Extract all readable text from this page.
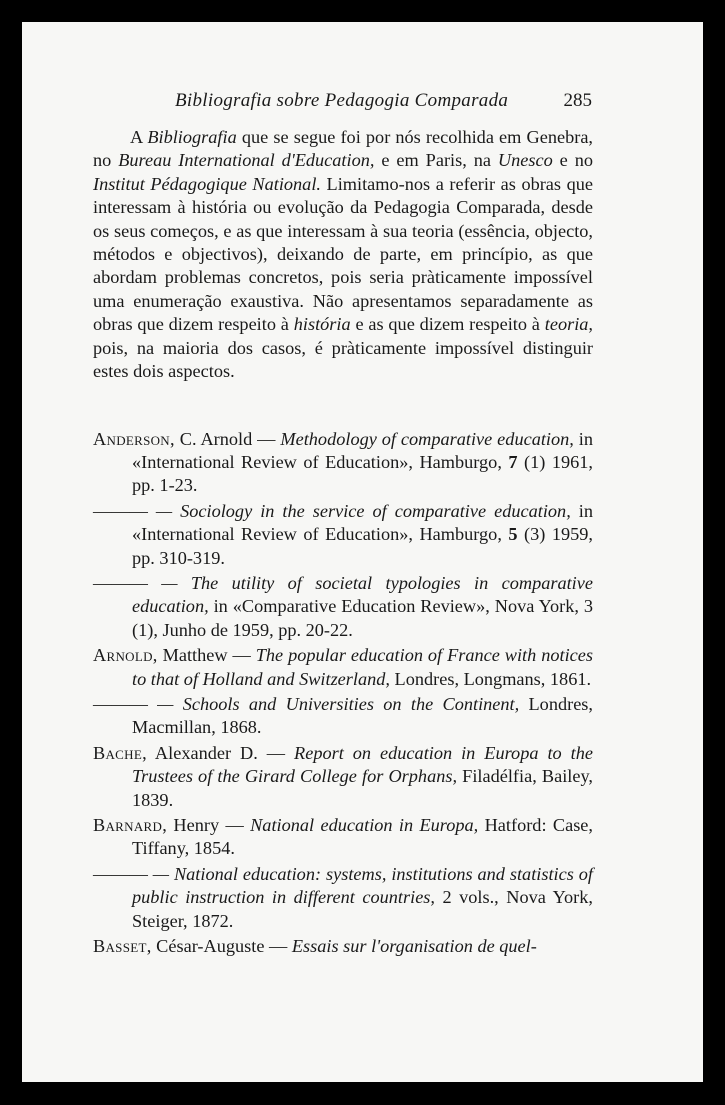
Bibliografia sobre Pedagogia Comparada	285

A Bibliografia que se segue foi por nós recolhida em Genebra, no Bureau International d'Education, e em Paris, na Unesco e no Institut Pédagogique National. Limitamo-nos a referir as obras que interessam à história ou evolução da Pedagogia Comparada, desde os seus começos, e as que interessam à sua teoria (essência, objecto, métodos e objectivos), deixando de parte, em princípio, as que abordam problemas concretos, pois seria pràticamente impossível uma enumeração exaustiva. Não apresentamos separadamente as obras que dizem respeito à história e as que dizem respeito à teoria, pois, na maioria dos casos, é pràticamente impossível distinguir estes dois aspectos.

Anderson, C. Arnold — Methodology of comparative education, in «International Review of Education», Hamburgo, 7 (1) 1961, pp. 1-23.

——— — Sociology in the service of comparative education, in «International Review of Education», Hamburgo, 5 (3) 1959, pp. 310-319.

——— — The utility of societal typologies in comparative education, in «Comparative Education Review», Nova York, 3 (1), Junho de 1959, pp. 20-22.

Arnold, Matthew — The popular education of France with notices to that of Holland and Switzerland, Londres, Longmans, 1861.

——— — Schools and Universities on the Continent, Londres, Macmillan, 1868.

Bache, Alexander D. — Report on education in Europa to the Trustees of the Girard College for Orphans, Filadélfia, Bailey, 1839.

Barnard, Henry — National education in Europa, Hatford: Case, Tiffany, 1854.

——— — National education: systems, institutions and statistics of public instruction in different countries, 2 vols., Nova York, Steiger, 1872.

Basset, César-Auguste — Essais sur l'organisation de quel-
